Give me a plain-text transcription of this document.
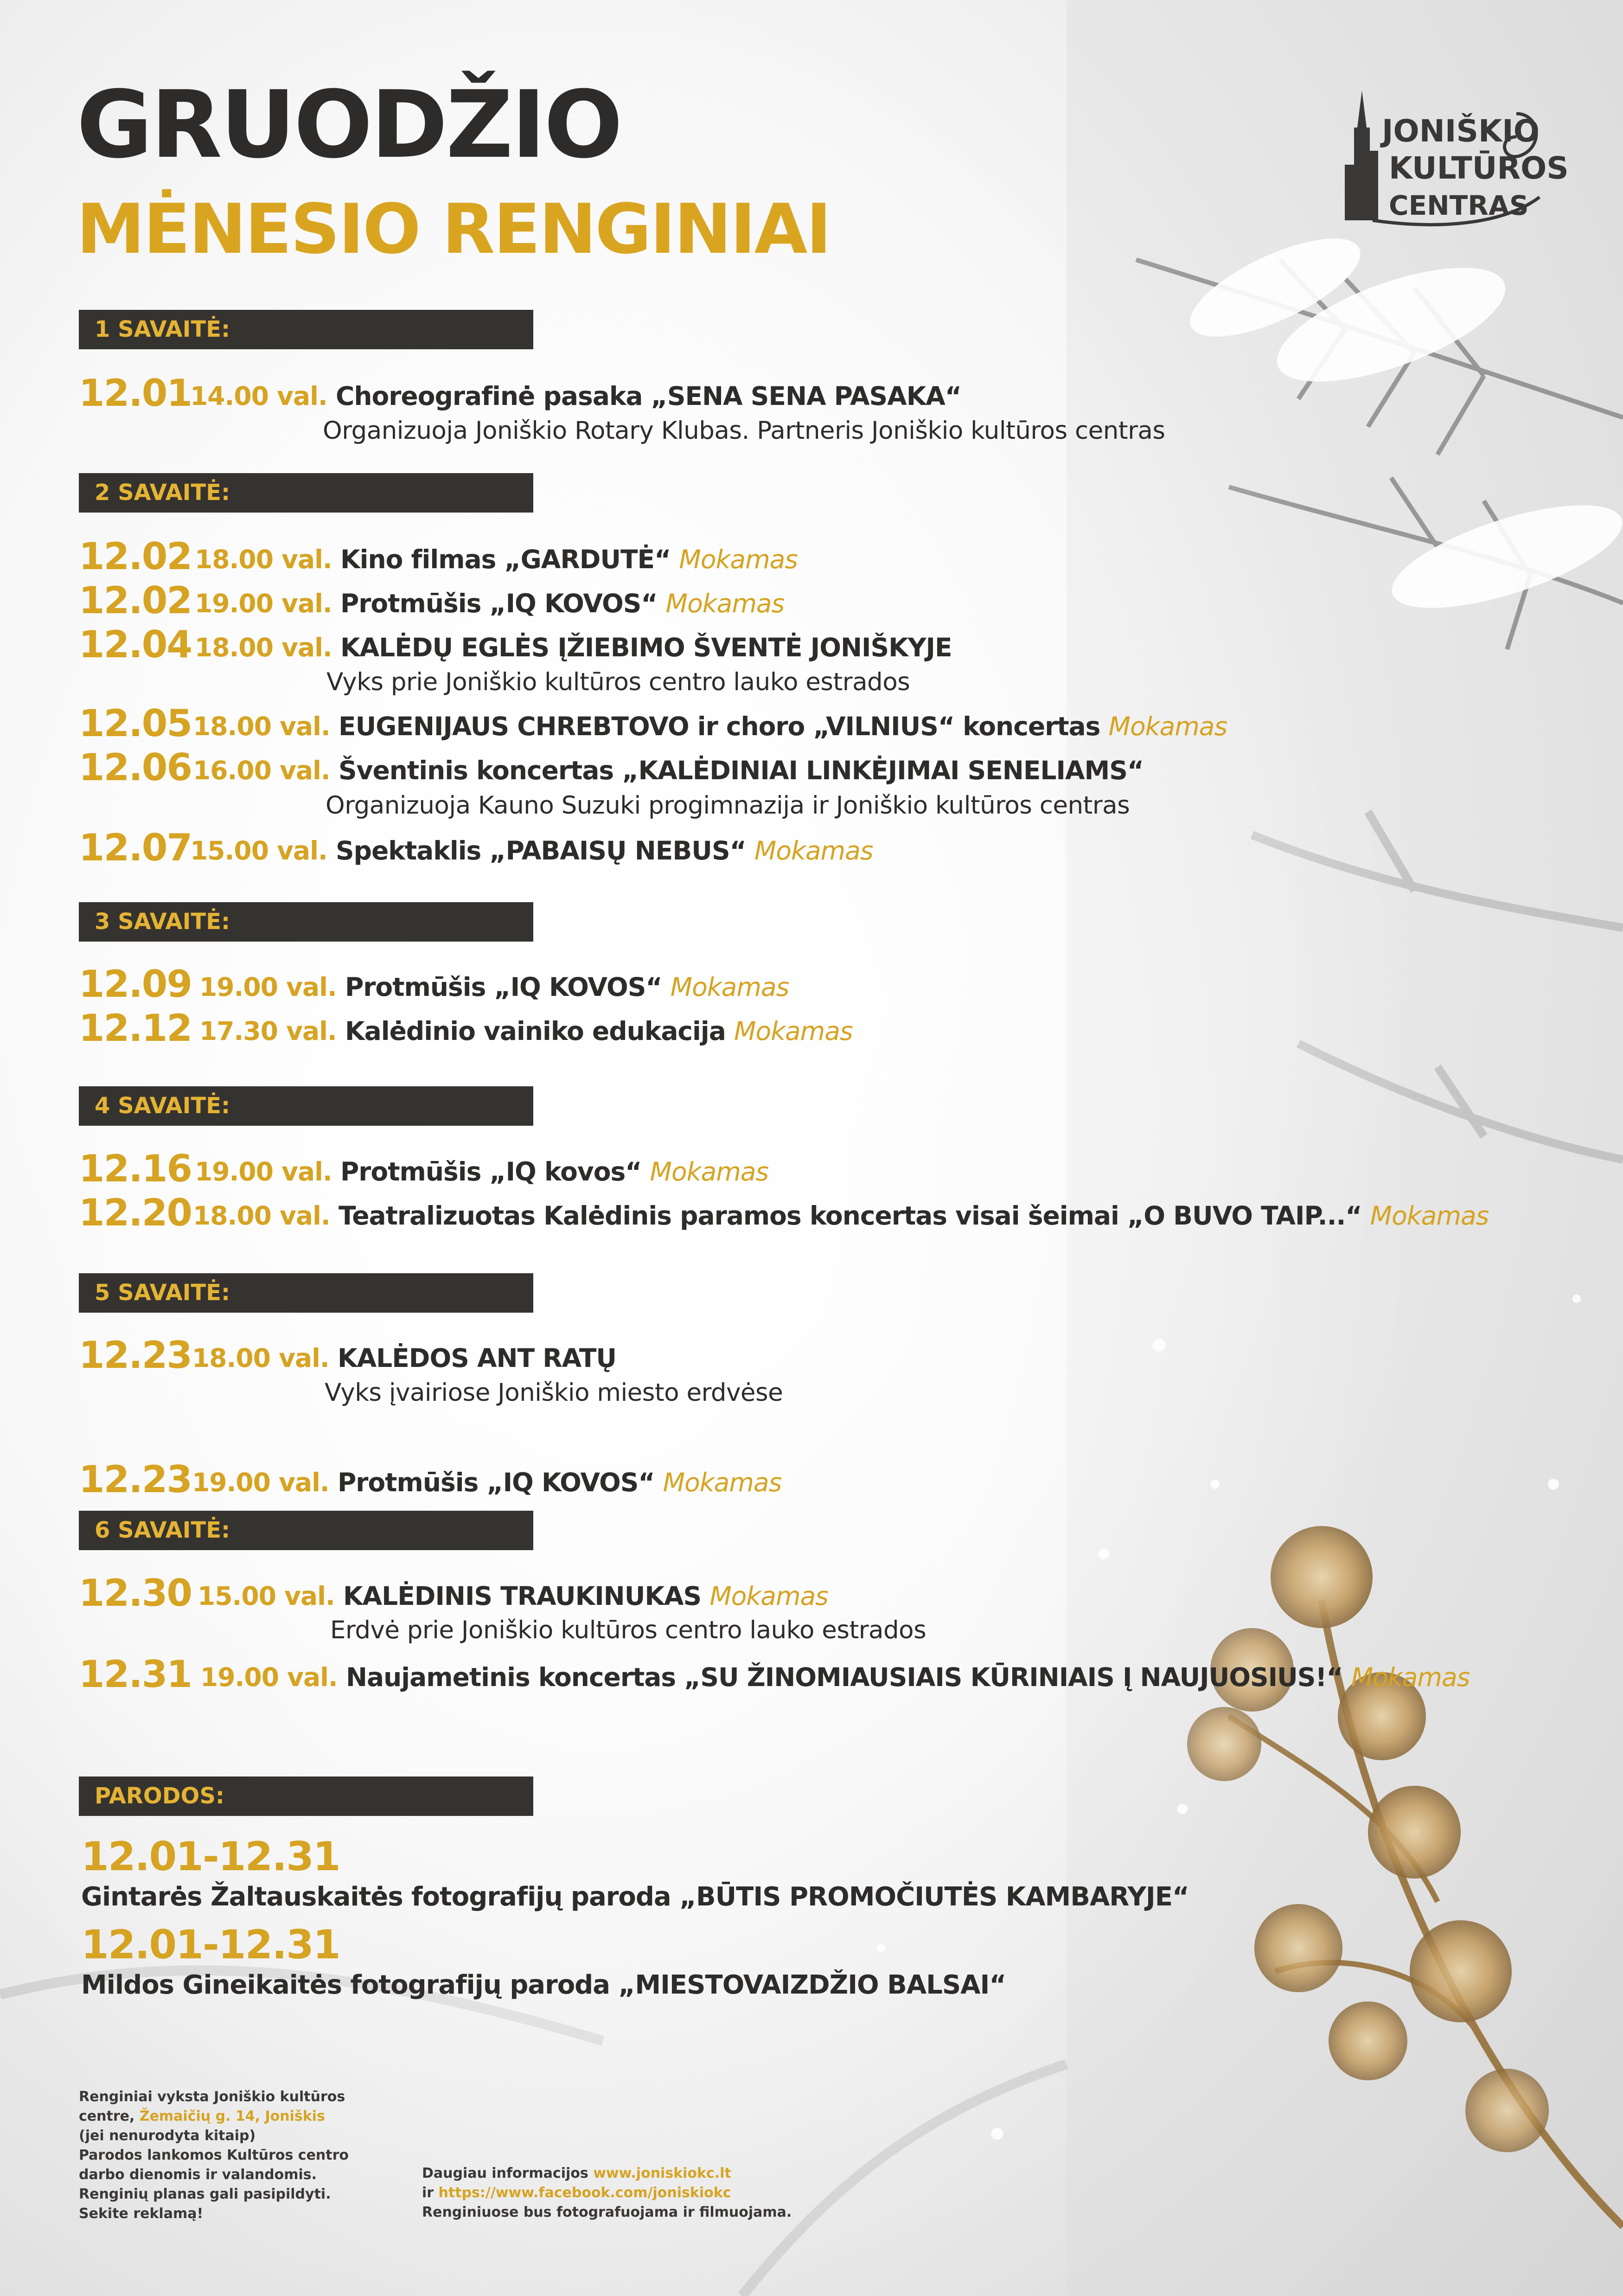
GRUODŽIO
MĖNESIO RENGINIAI
JONIŠKIO
KULTŪROS
CENTRAS
1 SAVAITĖ:
12.01
14.00 val. Choreografinė pasaka „SENA SENA PASAKA“
Organizuoja Joniškio Rotary Klubas. Partneris Joniškio kultūros centras
2 SAVAITĖ:
12.02 18.00 val. Kino filmas „GARDUTĖ“ Mokamas
12.02 19.00 val. Protmūšis „IQ KOVOS“ Mokamas
12.04 18.00 val. KALĖDŲ EGLĖS ĮŽIEBIMO ŠVENTĖ JONIŠKYJE
Vyks prie Joniškio kultūros centro lauko estrados
12.05 18.00 val. EUGENIJAUS CHREBTOVO ir choro „VILNIUS“ koncertas Mokamas
12.06 16.00 val. Šventinis koncertas „KALĖDINIAI LINKĖJIMAI SENELIAMS“
Organizuoja Kauno Suzuki progimnazija ir Joniškio kultūros centras
12.07
15.00 val. Spektaklis „PABAISŲ NEBUS“ Mokamas
3 SAVAITĖ:
12.09 19.00 val. Protmūšis „IQ KOVOS“ Mokamas
12.12 17.30 val. Kalėdinio vainiko edukacija Mokamas
4 SAVAITĖ:
12.16 19.00 val. Protmūšis „IQ kovos“ Mokamas
12.20 18.00 val. Teatralizuotas Kalėdinis paramos koncertas visai šeimai „O BUVO TAIP...“ Mokamas
5 SAVAITĖ:
12.23 18.00 val. KALĖDOS ANT RATŲ
Vyks įvairiose Joniškio miesto erdvėse
12.23 19.00 val. Protmūšis „IQ KOVOS“ Mokamas
6 SAVAITĖ:
12.30 15.00 val. KALĖDINIS TRAUKINUKAS Mokamas
Erdvė prie Joniškio kultūros centro lauko estrados
12.31 19.00 val. Naujametinis koncertas „SU ŽINOMIAUSIAIS KŪRINIAIS Į NAUJUOSIUS!“ Mokamas
PARODOS:
12.01-12.31
Gintarės Žaltauskaitės fotografijų paroda „BŪTIS PROMOČIUTĖS KAMBARYJE“
12.01-12.31
Mildos Gineikaitės fotografijų paroda „MIESTOVAIZDŽIO BALSAI“
Renginiai vyksta Joniškio kultūros
centre, Žemaičių g. 14, Joniškis
(jei nenurodyta kitaip)
Parodos lankomos Kultūros centro
darbo dienomis ir valandomis.
Renginių planas gali pasipildyti.
Sekite reklamą!
Daugiau informacijos www.joniskiokc.lt
ir https://www.facebook.com/joniskiokc
Renginiuose bus fotografuojama ir filmuojama.
